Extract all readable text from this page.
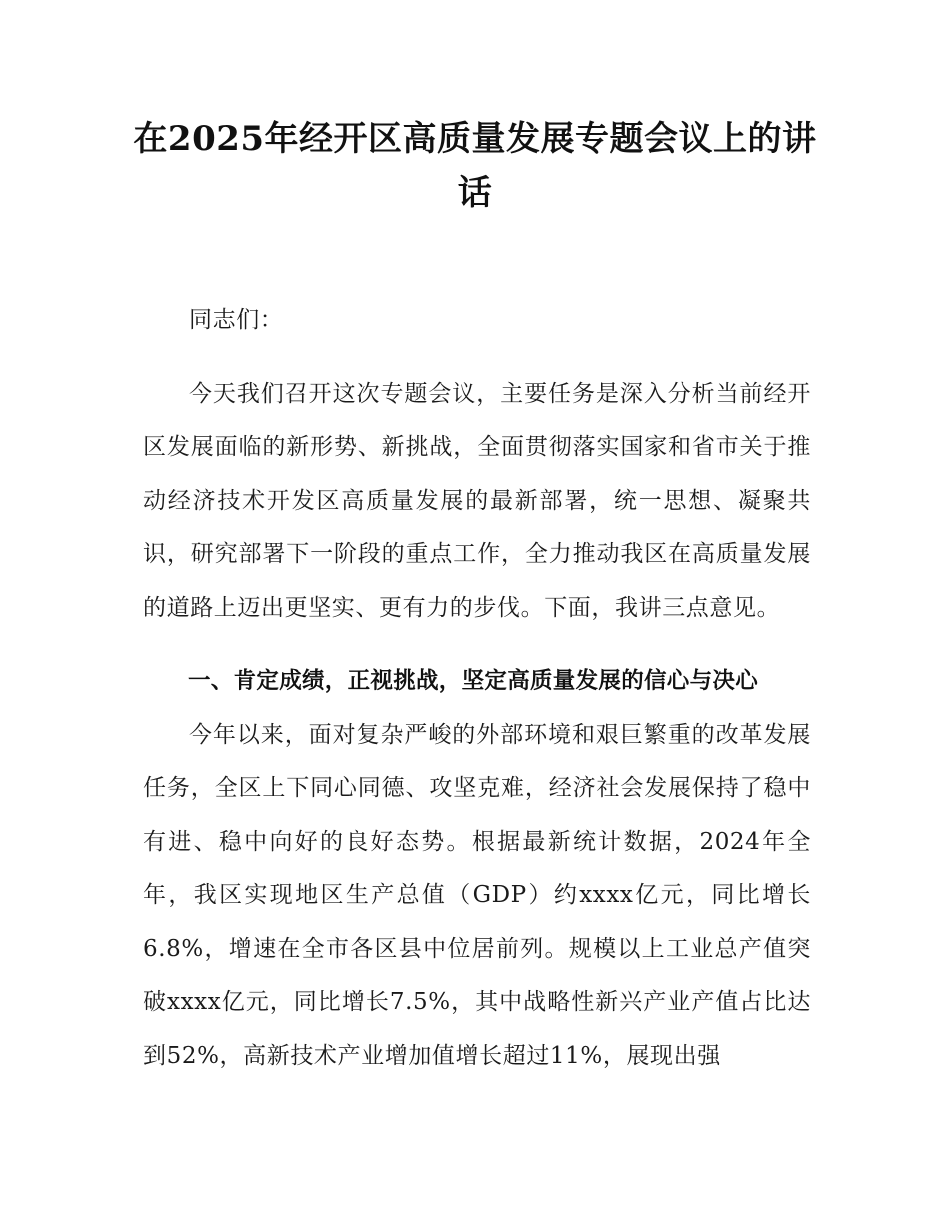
在2025年经开区高质量发展专题会议上的讲话

同志们：

今天我们召开这次专题会议，主要任务是深入分析当前经开区发展面临的新形势、新挑战，全面贯彻落实国家和省市关于推动经济技术开发区高质量发展的最新部署，统一思想、凝聚共识，研究部署下一阶段的重点工作，全力推动我区在高质量发展的道路上迈出更坚实、更有力的步伐。下面，我讲三点意见。

一、肯定成绩，正视挑战，坚定高质量发展的信心与决心

今年以来，面对复杂严峻的外部环境和艰巨繁重的改革发展任务，全区上下同心同德、攻坚克难，经济社会发展保持了稳中有进、稳中向好的良好态势。根据最新统计数据，2024年全年，我区实现地区生产总值（GDP）约xxxx亿元，同比增长6.8%，增速在全市各区县中位居前列。规模以上工业总产值突破xxxx亿元，同比增长7.5%，其中战略性新兴产业产值占比达到52%，高新技术产业增加值增长超过11%，展现出强
